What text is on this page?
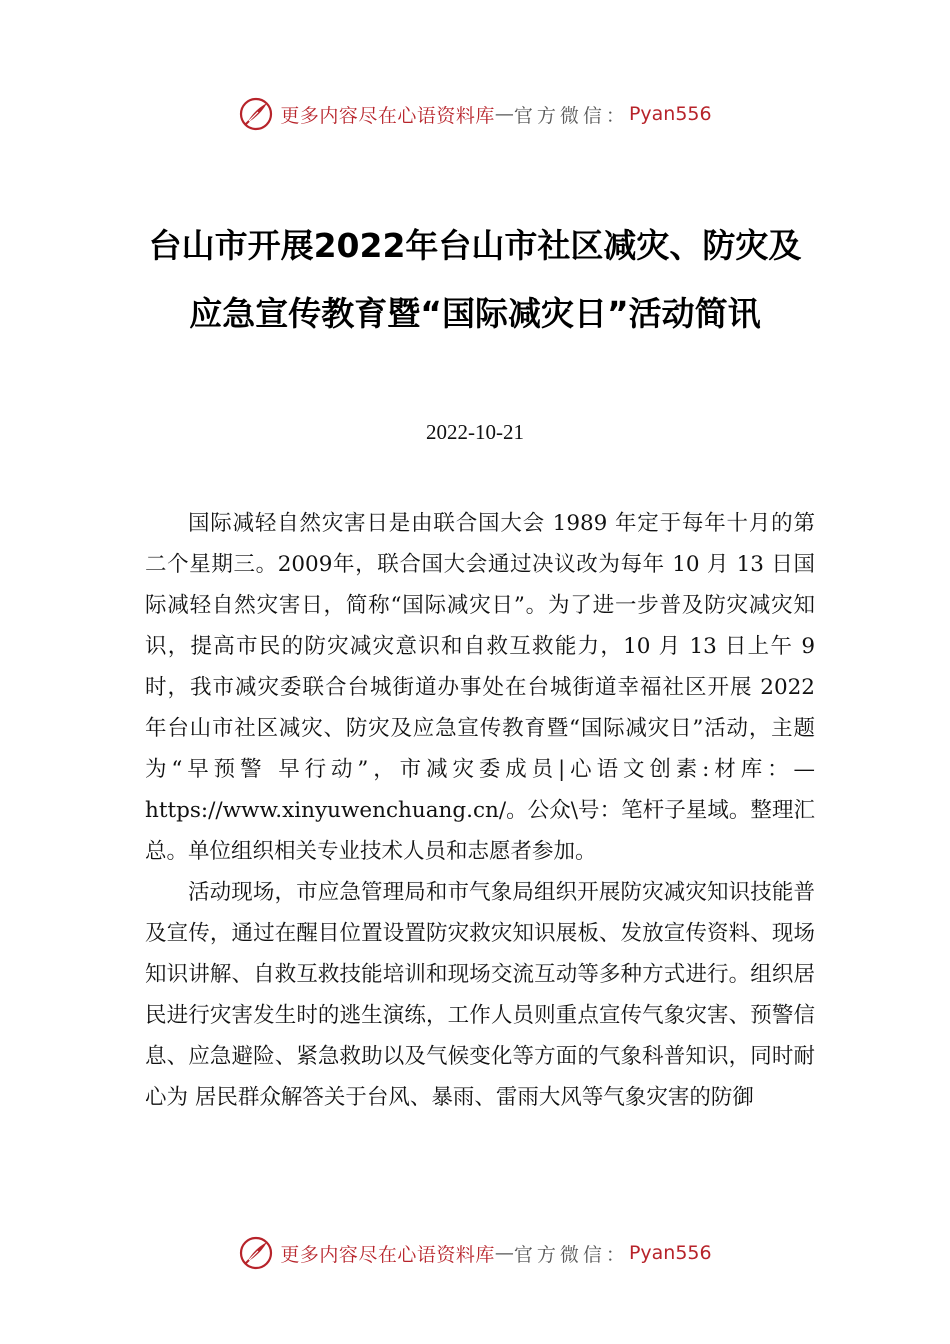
更多内容尽在心语资料库 — 官方微信： Pyan556
台山市开展2022年台山市社区减灾、防灾及应急宣传教育暨“国际减灾日”活动简讯
2022-10-21

国际减轻自然灾害日是由联合国大会 1989 年定于每年十月的第二个星期三。2009年，联合国大会通过决议改为每年 10 月 13 日国际减轻自然灾害日，简称“国际减灾日”。为了进一步普及防灾减灾知识，提高市民的防灾减灾意识和自救互救能力，10 月 13 日上午 9 时，我市减灾委联合台城街道办事处在台城街道幸福社区开展 2022 年台山市社区减灾、防灾及应急宣传教育暨“国际减灾日”活动，主题为“早预警 早行动”，市减灾委成员|心语文创素:材库：—https://www.xinyuwenchuang.cn/。公众\号：笔杆子星域。整理汇总。单位组织相关专业技术人员和志愿者参加。

活动现场，市应急管理局和市气象局组织开展防灾减灾知识技能普及宣传，通过在醒目位置设置防灾救灾知识展板、发放宣传资料、现场知识讲解、自救互救技能培训和现场交流互动等多种方式进行。组织居民进行灾害发生时的逃生演练，工作人员则重点宣传气象灾害、预警信息、应急避险、紧急救助以及气候变化等方面的气象科普知识，同时耐心为 居民群众解答关于台风、暴雨、雷雨大风等气象灾害的防御

更多内容尽在心语资料库 — 官方微信： Pyan556
